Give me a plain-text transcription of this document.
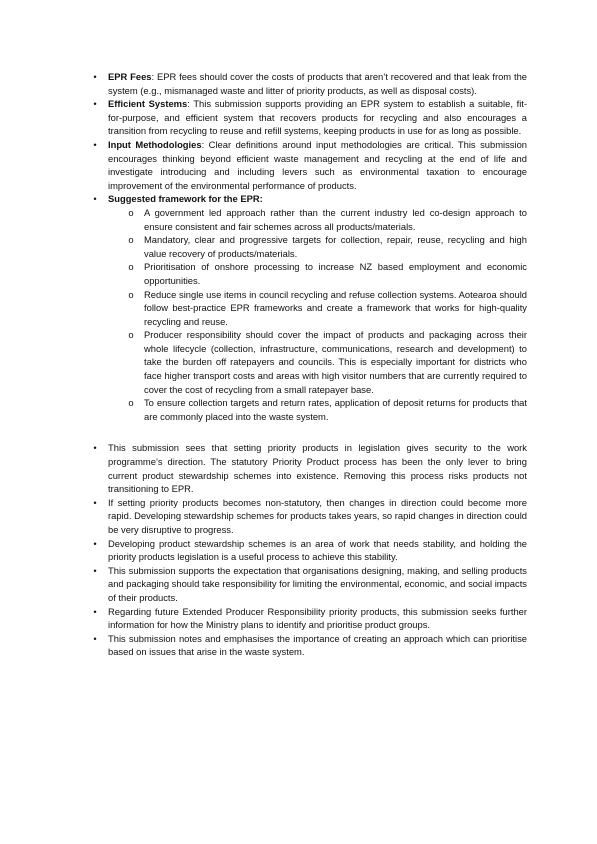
•	EPR Fees: EPR fees should cover the costs of products that aren’t recovered and that leak from the system (e.g., mismanaged waste and litter of priority products, as well as disposal costs).
•	Efficient Systems: This submission supports providing an EPR system to establish a suitable, fit-for-purpose, and efficient system that recovers products for recycling and also encourages a transition from recycling to reuse and refill systems, keeping products in use for as long as possible.
•	Input Methodologies: Clear definitions around input methodologies are critical. This submission encourages thinking beyond efficient waste management and recycling at the end of life and investigate introducing and including levers such as environmental taxation to encourage improvement of the environmental performance of products.
•	Suggested framework for the EPR:
o A government led approach rather than the current industry led co-design approach to ensure consistent and fair schemes across all products/materials.
o Mandatory, clear and progressive targets for collection, repair, reuse, recycling and high value recovery of products/materials.
o Prioritisation of onshore processing to increase NZ based employment and economic opportunities.
o Reduce single use items in council recycling and refuse collection systems. Aotearoa should follow best-practice EPR frameworks and create a framework that works for high-quality recycling and reuse.
o Producer responsibility should cover the impact of products and packaging across their whole lifecycle (collection, infrastructure, communications, research and development) to take the burden off ratepayers and councils. This is especially important for districts who face higher transport costs and areas with high visitor numbers that are currently required to cover the cost of recycling from a small ratepayer base.
o To ensure collection targets and return rates, application of deposit returns for products that are commonly placed into the waste system.
•	This submission sees that setting priority products in legislation gives security to the work programme’s direction. The statutory Priority Product process has been the only lever to bring current product stewardship schemes into existence. Removing this process risks products not transitioning to EPR.
•	If setting priority products becomes non-statutory, then changes in direction could become more rapid. Developing stewardship schemes for products takes years, so rapid changes in direction could be very disruptive to progress.
•	Developing product stewardship schemes is an area of work that needs stability, and holding the priority products legislation is a useful process to achieve this stability.
•	This submission supports the expectation that organisations designing, making, and selling products and packaging should take responsibility for limiting the environmental, economic, and social impacts of their products.
•	Regarding future Extended Producer Responsibility priority products, this submission seeks further information for how the Ministry plans to identify and prioritise product groups.
•	This submission notes and emphasises the importance of creating an approach which can prioritise based on issues that arise in the waste system.
